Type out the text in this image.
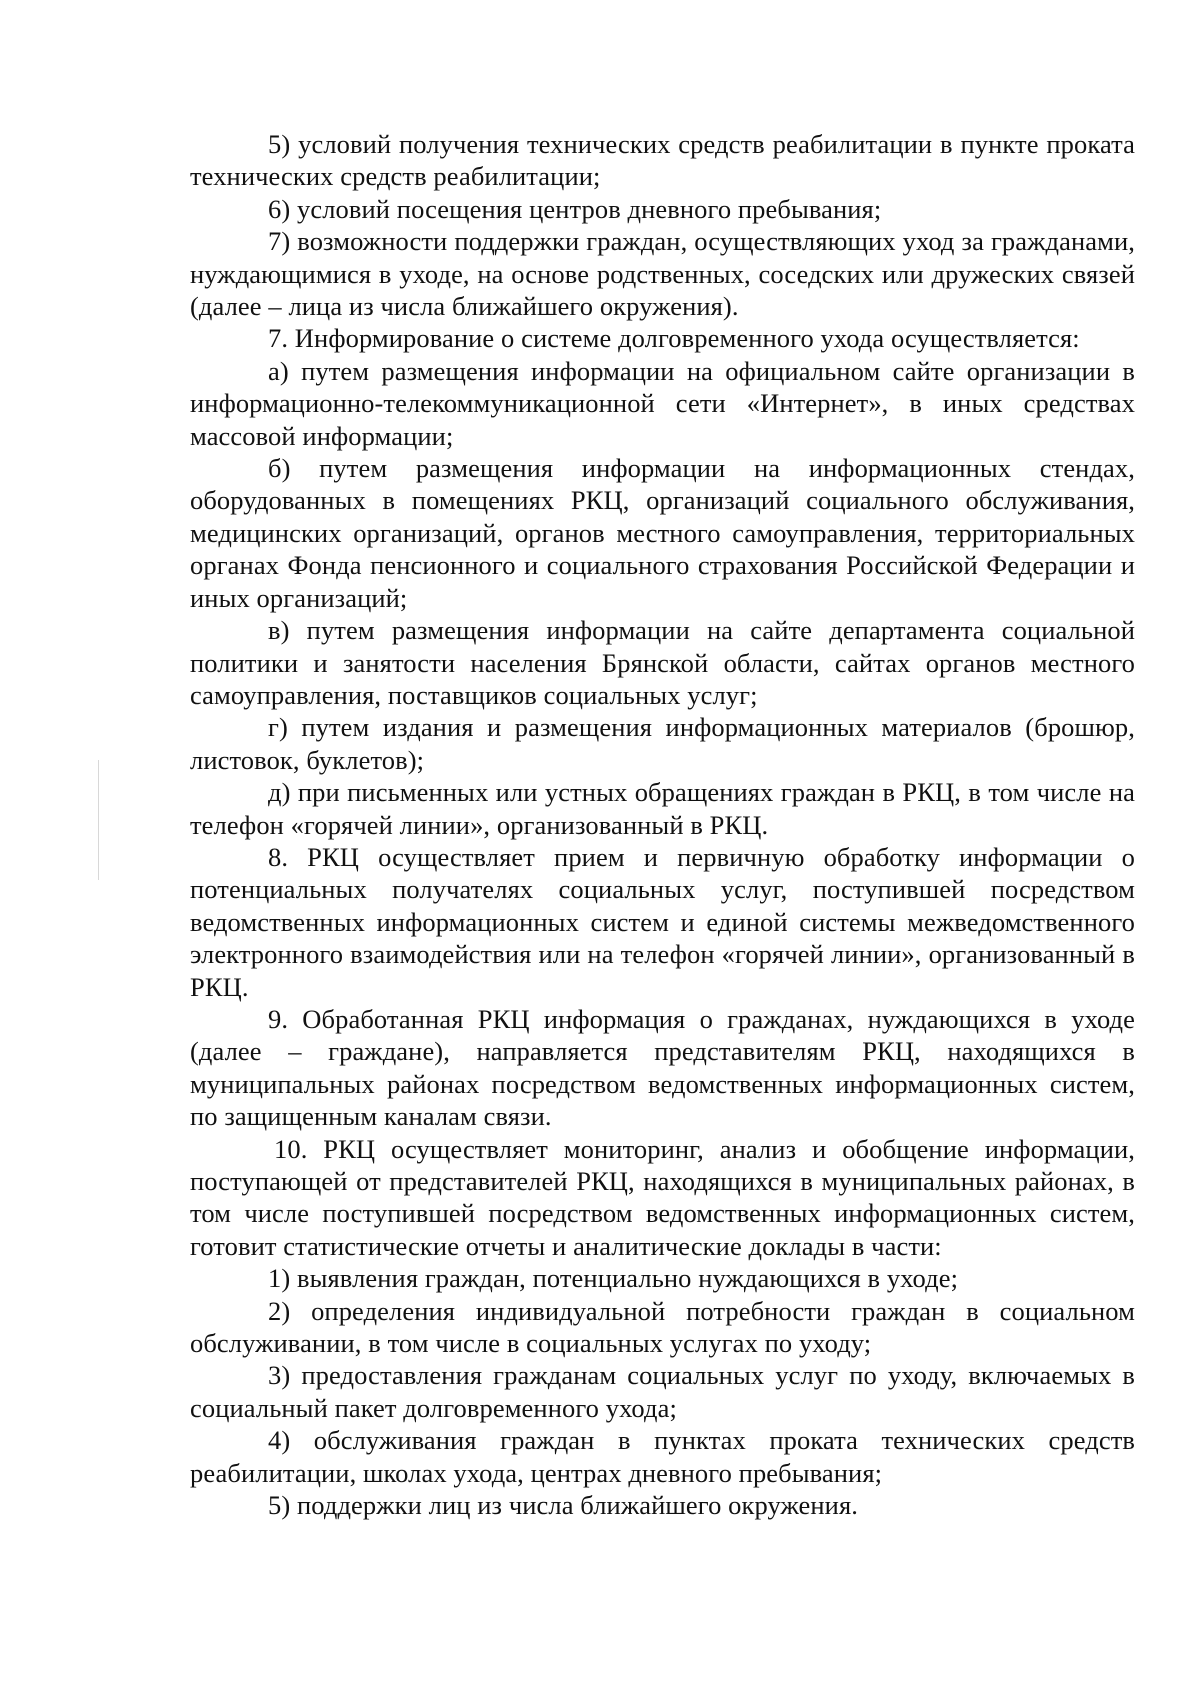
5) условий получения технических средств реабилитации в пункте проката технических средств реабилитации;

6) условий посещения центров дневного пребывания;

7) возможности поддержки граждан, осуществляющих уход за гражданами, нуждающимися в уходе, на основе родственных, соседских или дружеских связей (далее – лица из числа ближайшего окружения).

7. Информирование о системе долговременного ухода осуществляется:

а) путем размещения информации на официальном сайте организации в информационно-телекоммуникационной сети «Интернет», в иных средствах массовой информации;

б) путем размещения информации на информационных стендах, оборудованных в помещениях РКЦ, организаций социального обслуживания, медицинских организаций, органов местного самоуправления, территориальных органах Фонда пенсионного и социального страхования Российской Федерации и иных организаций;

в) путем размещения информации на сайте департамента социальной политики и занятости населения Брянской области, сайтах органов местного самоуправления, поставщиков социальных услуг;

г) путем издания и размещения информационных материалов (брошюр, листовок, буклетов);

д) при письменных или устных обращениях граждан в РКЦ, в том числе на телефон «горячей линии», организованный в РКЦ.

8. РКЦ осуществляет прием и первичную обработку информации о потенциальных получателях социальных услуг, поступившей посредством ведомственных информационных систем и единой системы межведомственного электронного взаимодействия или на телефон «горячей линии», организованный в РКЦ.

9. Обработанная РКЦ информация о гражданах, нуждающихся в уходе (далее – граждане), направляется представителям РКЦ, находящихся в муниципальных районах посредством ведомственных информационных систем, по защищенным каналам связи.

10. РКЦ осуществляет мониторинг, анализ и обобщение информации, поступающей от представителей РКЦ, находящихся в муниципальных районах, в том числе поступившей посредством ведомственных информационных систем, готовит статистические отчеты и аналитические доклады в части:

1) выявления граждан, потенциально нуждающихся в уходе;

2) определения индивидуальной потребности граждан в социальном обслуживании, в том числе в социальных услугах по уходу;

3) предоставления гражданам социальных услуг по уходу, включаемых в социальный пакет долговременного ухода;

4) обслуживания граждан в пунктах проката технических средств реабилитации, школах ухода, центрах дневного пребывания;

5) поддержки лиц из числа ближайшего окружения.
